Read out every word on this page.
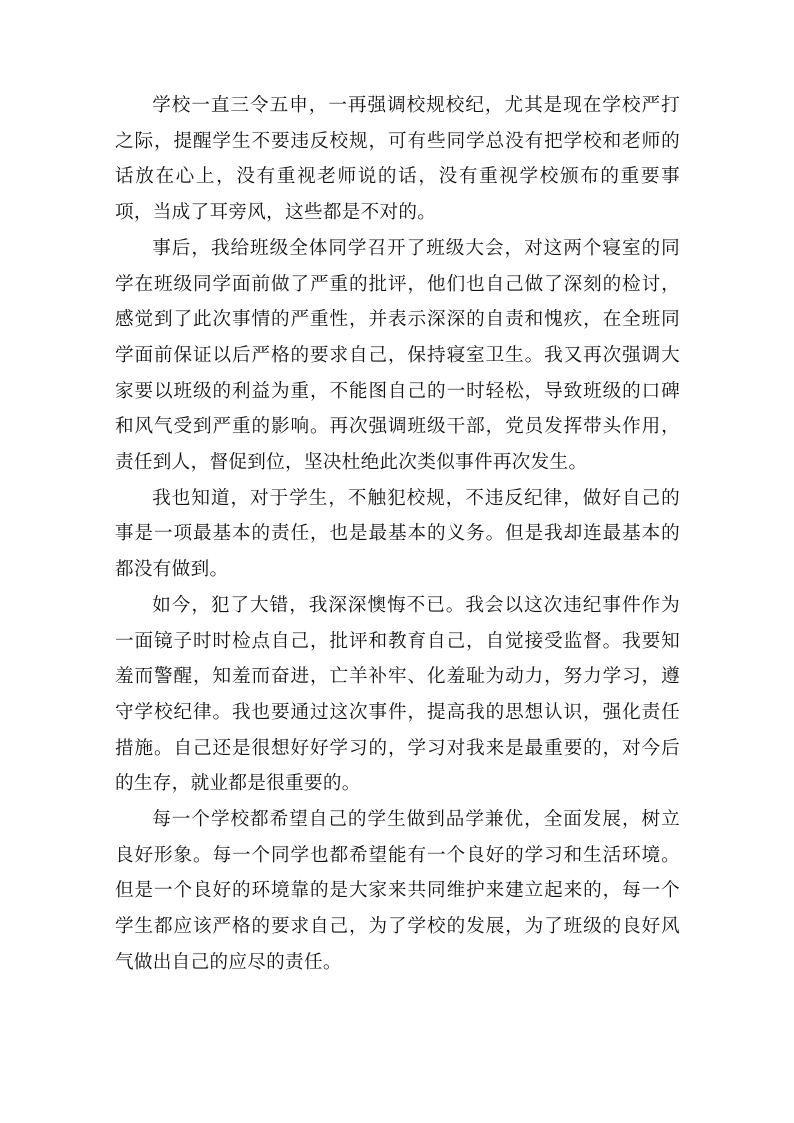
学校一直三令五申，一再强调校规校纪，尤其是现在学校严打之际，提醒学生不要违反校规，可有些同学总没有把学校和老师的话放在心上，没有重视老师说的话，没有重视学校颁布的重要事项，当成了耳旁风，这些都是不对的。

事后，我给班级全体同学召开了班级大会，对这两个寝室的同学在班级同学面前做了严重的批评，他们也自己做了深刻的检讨，感觉到了此次事情的严重性，并表示深深的自责和愧疚，在全班同学面前保证以后严格的要求自己，保持寝室卫生。我又再次强调大家要以班级的利益为重，不能图自己的一时轻松，导致班级的口碑和风气受到严重的影响。再次强调班级干部，党员发挥带头作用，责任到人，督促到位，坚决杜绝此次类似事件再次发生。

我也知道，对于学生，不触犯校规，不违反纪律，做好自己的事是一项最基本的责任，也是最基本的义务。但是我却连最基本的都没有做到。

如今，犯了大错，我深深懊悔不已。我会以这次违纪事件作为一面镜子时时检点自己，批评和教育自己，自觉接受监督。我要知羞而警醒，知羞而奋进，亡羊补牢、化羞耻为动力，努力学习，遵守学校纪律。我也要通过这次事件，提高我的思想认识，强化责任措施。自己还是很想好好学习的，学习对我来是最重要的，对今后的生存，就业都是很重要的。

每一个学校都希望自己的学生做到品学兼优，全面发展，树立良好形象。每一个同学也都希望能有一个良好的学习和生活环境。但是一个良好的环境靠的是大家来共同维护来建立起来的，每一个学生都应该严格的要求自己，为了学校的发展，为了班级的良好风气做出自己的应尽的责任。
